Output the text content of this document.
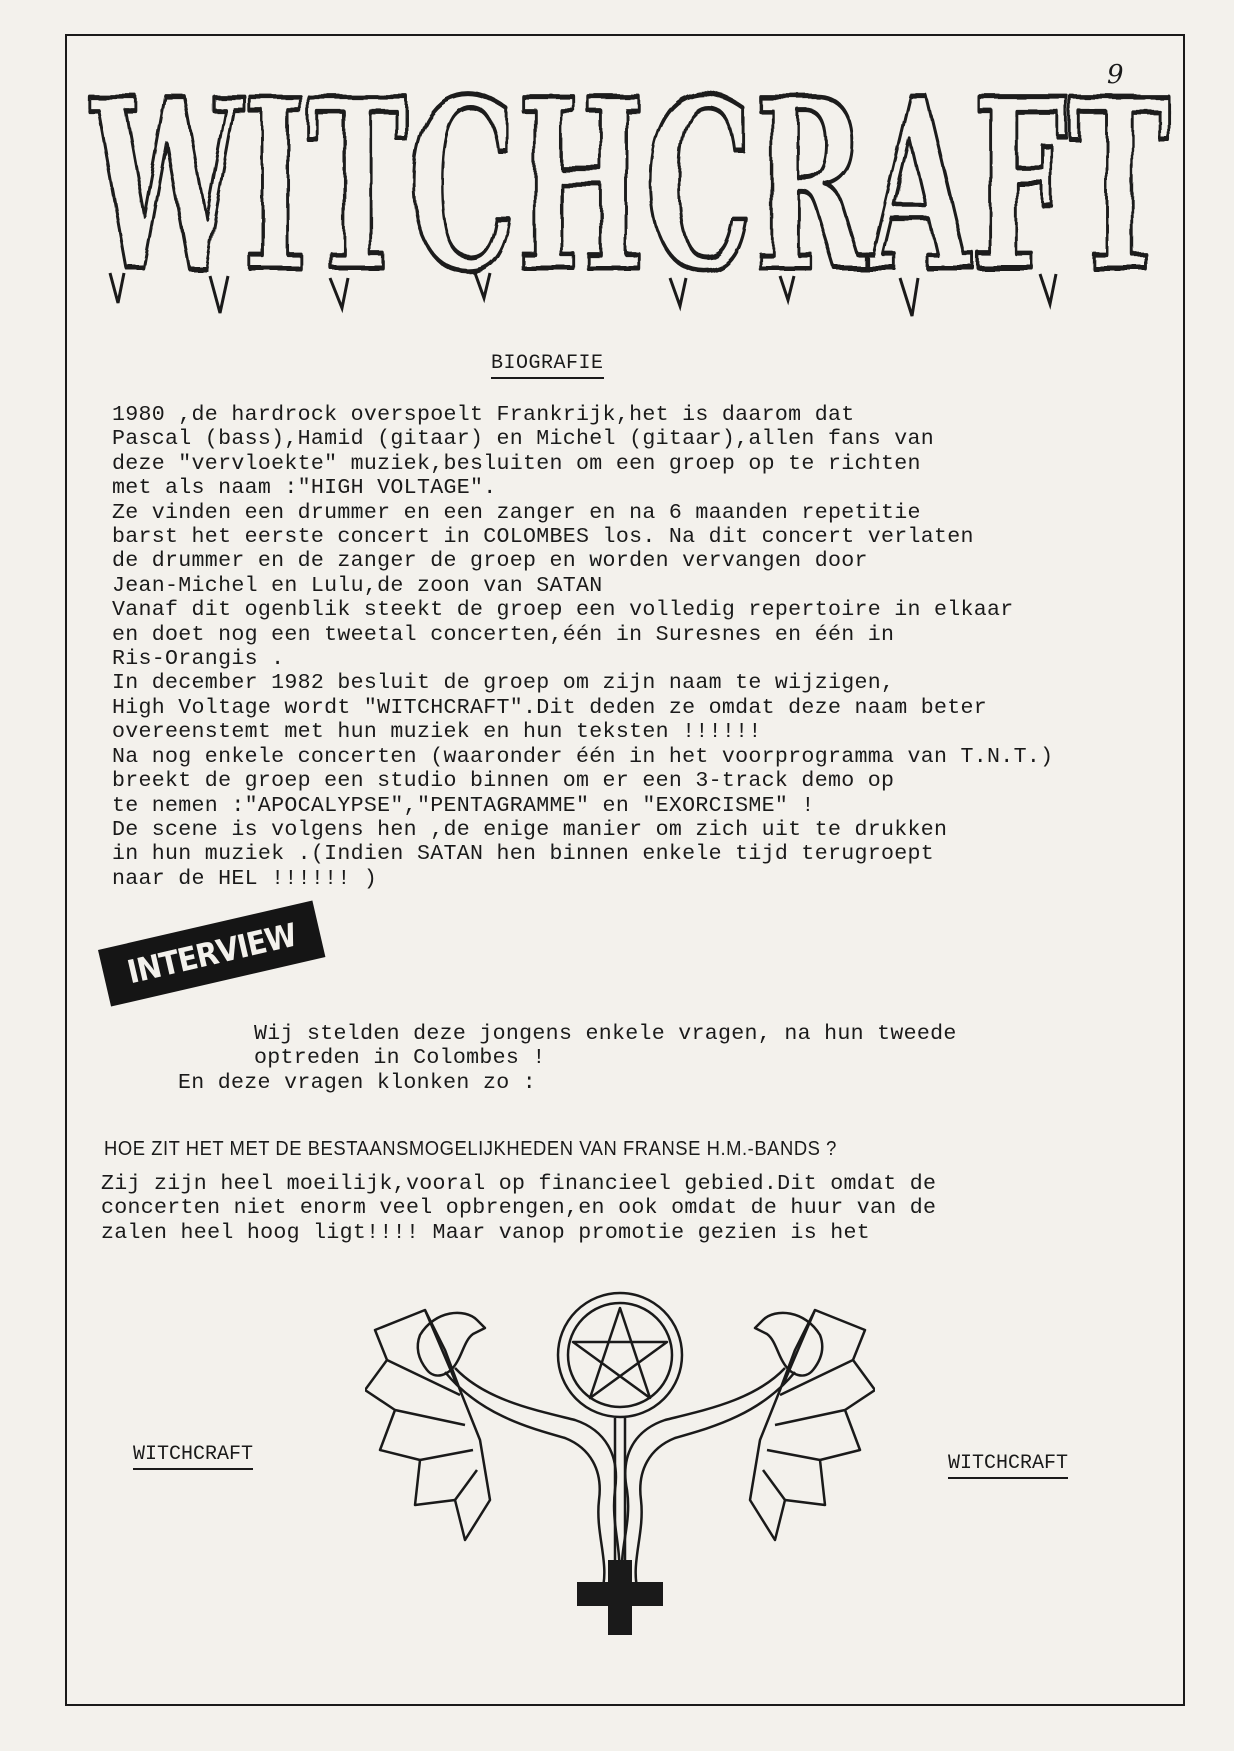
9
WITCHCRAFT
BIOGRAFIE
1980 ,de hardrock overspoelt Frankrijk,het is daarom dat
Pascal (bass),Hamid (gitaar) en Michel (gitaar),allen fans van
deze "vervloekte" muziek,besluiten om een groep op te richten
met als naam :"HIGH VOLTAGE".
Ze vinden een drummer en een zanger en na 6 maanden repetitie
barst het eerste concert in COLOMBES los. Na dit concert verlaten
de drummer en de zanger de groep en worden vervangen door
Jean-Michel en Lulu,de zoon van SATAN
Vanaf dit ogenblik steekt de groep een volledig repertoire in elkaar
en doet nog een tweetal concerten,één in Suresnes en één in
Ris-Orangis .
In december 1982 besluit de groep om zijn naam te wijzigen,
High Voltage wordt "WITCHCRAFT".Dit deden ze omdat deze naam beter
overeenstemt met hun muziek en hun teksten !!!!!!
Na nog enkele concerten (waaronder één in het voorprogramma van T.N.T.)
breekt de groep een studio binnen om er een 3-track demo op
te nemen :"APOCALYPSE","PENTAGRAMME" en "EXORCISME" !
De scene is volgens hen ,de enige manier om zich uit te drukken
in hun muziek .(Indien SATAN hen binnen enkele tijd terugroept
naar de HEL !!!!!! )
INTERVIEW
Wij stelden deze jongens enkele vragen, na hun tweede
optreden in Colombes !
En deze vragen klonken zo :
HOE ZIT HET MET DE BESTAANSMOGELIJKHEDEN VAN FRANSE H.M.-BANDS ?
Zij zijn heel moeilijk,vooral op financieel gebied.Dit omdat de
concerten niet enorm veel opbrengen,en ook omdat de huur van de
zalen heel hoog ligt!!!! Maar vanop promotie gezien is het
WITCHCRAFT	WITCHCRAFT
